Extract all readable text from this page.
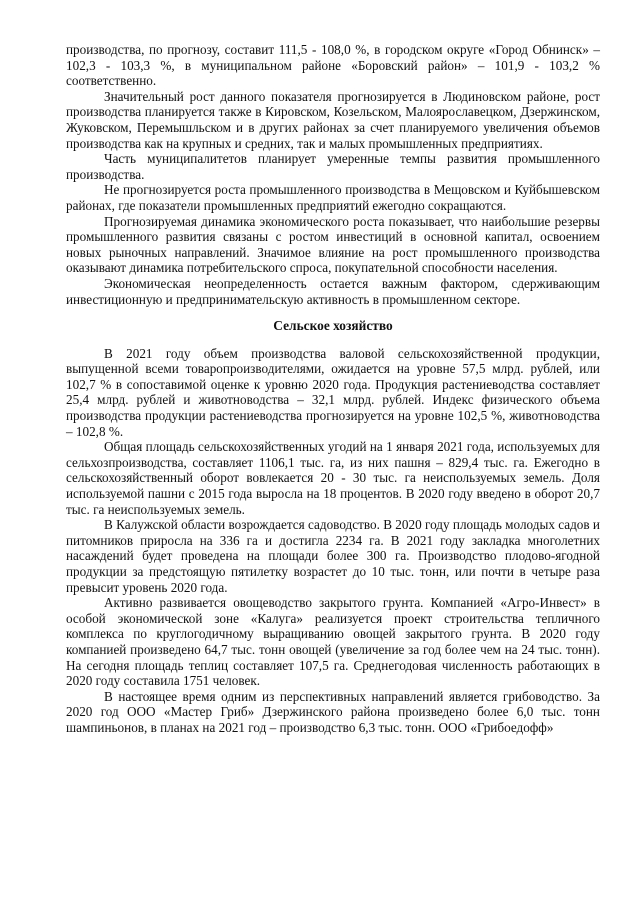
производства, по прогнозу, составит 111,5 - 108,0 %, в городском округе «Город Обнинск» – 102,3 - 103,3 %, в муниципальном районе «Боровский район» – 101,9 - 103,2 % соответственно.

Значительный рост данного показателя прогнозируется в Людиновском районе, рост производства планируется также в Кировском, Козельском, Малоярославецком, Дзержинском, Жуковском, Перемышльском и в других районах за счет планируемого увеличения объемов производства как на крупных и средних, так и малых промышленных предприятиях.

Часть муниципалитетов планирует умеренные темпы развития промышленного производства.

Не прогнозируется роста промышленного производства в Мещовском и Куйбышевском районах, где показатели промышленных предприятий ежегодно сокращаются.

Прогнозируемая динамика экономического роста показывает, что наибольшие резервы промышленного развития связаны с ростом инвестиций в основной капитал, освоением новых рыночных направлений. Значимое влияние на рост промышленного производства оказывают динамика потребительского спроса, покупательной способности населения.

Экономическая неопределенность остается важным фактором, сдерживающим инвестиционную и предпринимательскую активность в промышленном секторе.

Сельское хозяйство

В 2021 году объем производства валовой сельскохозяйственной продукции, выпущенной всеми товаропроизводителями, ожидается на уровне 57,5 млрд. рублей, или 102,7 % в сопоставимой оценке к уровню 2020 года. Продукция растениеводства составляет 25,4 млрд. рублей и животноводства – 32,1 млрд. рублей. Индекс физического объема производства продукции растениеводства прогнозируется на уровне 102,5 %, животноводства – 102,8 %.

Общая площадь сельскохозяйственных угодий на 1 января 2021 года, используемых для сельхозпроизводства, составляет 1106,1 тыс. га, из них пашня – 829,4 тыс. га. Ежегодно в сельскохозяйственный оборот вовлекается 20 - 30 тыс. га неиспользуемых земель. Доля используемой пашни с 2015 года выросла на 18 процентов. В 2020 году введено в оборот 20,7 тыс. га неиспользуемых земель.

В Калужской области возрождается садоводство. В 2020 году площадь молодых садов и питомников приросла на 336 га и достигла 2234 га. В 2021 году закладка многолетних насаждений будет проведена на площади более 300 га. Производство плодово-ягодной продукции за предстоящую пятилетку возрастет до 10 тыс. тонн, или почти в четыре раза превысит уровень 2020 года.

Активно развивается овощеводство закрытого грунта. Компанией «Агро-Инвест» в особой экономической зоне «Калуга» реализуется проект строительства тепличного комплекса по круглогодичному выращиванию овощей закрытого грунта. В 2020 году компанией произведено 64,7 тыс. тонн овощей (увеличение за год более чем на 24 тыс. тонн). На сегодня площадь теплиц составляет 107,5 га. Среднегодовая численность работающих в 2020 году составила 1751 человек.

В настоящее время одним из перспективных направлений является грибоводство. За 2020 год ООО «Мастер Гриб» Дзержинского района произведено более 6,0 тыс. тонн шампиньонов, в планах на 2021 год – производство 6,3 тыс. тонн. ООО «Грибоедофф»
